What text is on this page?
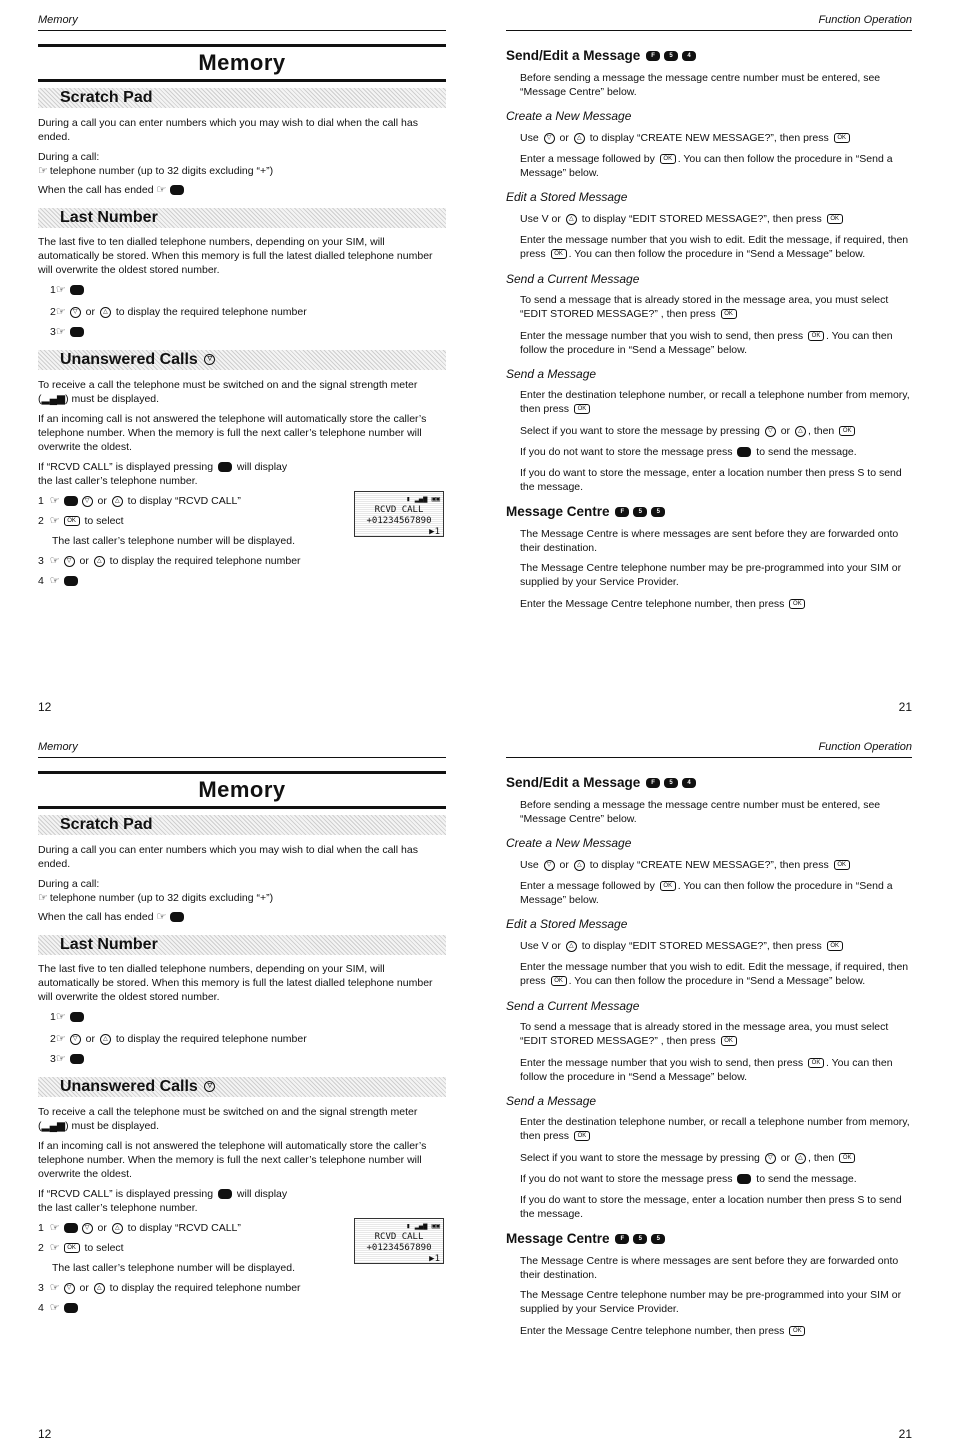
Memory
Memory
Scratch Pad
During a call you can enter numbers which you may wish to dial when the call has ended.
During a call:
☞ telephone number (up to 32 digits excluding “+”)
When the call has ended ☞
Last Number
The last five to ten dialled telephone numbers, depending on your SIM, will automatically be stored. When this memory is full the latest dialled telephone number will overwrite the oldest stored number.
1☞
2☞ ▽ or △ to display the required telephone number
3☞
Unanswered Calls ▽
To receive a call the telephone must be switched on and the signal strength meter (▂▄▆) must be displayed.
If an incoming call is not answered the telephone will automatically store the caller’s telephone number. When the memory is full the next caller’s telephone number will overwrite the oldest.
If “RCVD CALL” is displayed pressing will display the last caller’s telephone number.
1 ☞	▽ or △ to display “RCVD CALL”
2 ☞ OK to select
The last caller’s telephone number will be displayed.
3 ☞ ▽ or △ to display the required telephone number
4 ☞
▮ ▂▄▆ ▣▣
RCVD CALL
+01234567890
▶1
12
Function Operation
Send/Edit a Message F 5 4
Before sending a message the message centre number must be entered, see “Message Centre” below.
Create a New Message
Use ▽ or △ to display “CREATE NEW MESSAGE?”, then press OK
Enter a message followed by OK . You can then follow the procedure in “Send a Message” below.
Edit a Stored Message
Use V or △ to display “EDIT STORED MESSAGE?”, then press OK
Enter the message number that you wish to edit. Edit the message, if required, then press OK . You can then follow the procedure in “Send a Message” below.
Send a Current Message
To send a message that is already stored in the message area, you must select “EDIT STORED MESSAGE?” , then press OK
Enter the message number that you wish to send, then press OK . You can then follow the procedure in “Send a Message” below.
Send a Message
Enter the destination telephone number, or recall a telephone number from memory, then press OK
Select if you want to store the message by pressing ▽ or △ , then OK
If you do not want to store the message press to send the message.
If you do want to store the message, enter a location number then press S to send the message.
Message Centre F 5 5
The Message Centre is where messages are sent before they are forwarded onto their destination.
The Message Centre telephone number may be pre-programmed into your SIM or supplied by your Service Provider.
Enter the Message Centre telephone number, then press OK
21
Memory
Memory
Scratch Pad
During a call you can enter numbers which you may wish to dial when the call has ended.
During a call:
☞ telephone number (up to 32 digits excluding “+”)
When the call has ended ☞
Last Number
The last five to ten dialled telephone numbers, depending on your SIM, will automatically be stored. When this memory is full the latest dialled telephone number will overwrite the oldest stored number.
1☞
2☞ ▽ or △ to display the required telephone number
3☞
Unanswered Calls ▽
To receive a call the telephone must be switched on and the signal strength meter (▂▄▆) must be displayed.
If an incoming call is not answered the telephone will automatically store the caller’s telephone number. When the memory is full the next caller’s telephone number will overwrite the oldest.
If “RCVD CALL” is displayed pressing will display the last caller’s telephone number.
1 ☞	▽ or △ to display “RCVD CALL”
2 ☞ OK to select
The last caller’s telephone number will be displayed.
3 ☞ ▽ or △ to display the required telephone number
4 ☞
▮ ▂▄▆ ▣▣
RCVD CALL
+01234567890
▶1
12
Function Operation
Send/Edit a Message F 5 4
Before sending a message the message centre number must be entered, see “Message Centre” below.
Create a New Message
Use ▽ or △ to display “CREATE NEW MESSAGE?”, then press OK
Enter a message followed by OK . You can then follow the procedure in “Send a Message” below.
Edit a Stored Message
Use V or △ to display “EDIT STORED MESSAGE?”, then press OK
Enter the message number that you wish to edit. Edit the message, if required, then press OK . You can then follow the procedure in “Send a Message” below.
Send a Current Message
To send a message that is already stored in the message area, you must select “EDIT STORED MESSAGE?” , then press OK
Enter the message number that you wish to send, then press OK . You can then follow the procedure in “Send a Message” below.
Send a Message
Enter the destination telephone number, or recall a telephone number from memory, then press OK
Select if you want to store the message by pressing ▽ or △ , then OK
If you do not want to store the message press to send the message.
If you do want to store the message, enter a location number then press S to send the message.
Message Centre F 5 5
The Message Centre is where messages are sent before they are forwarded onto their destination.
The Message Centre telephone number may be pre-programmed into your SIM or supplied by your Service Provider.
Enter the Message Centre telephone number, then press OK
21
